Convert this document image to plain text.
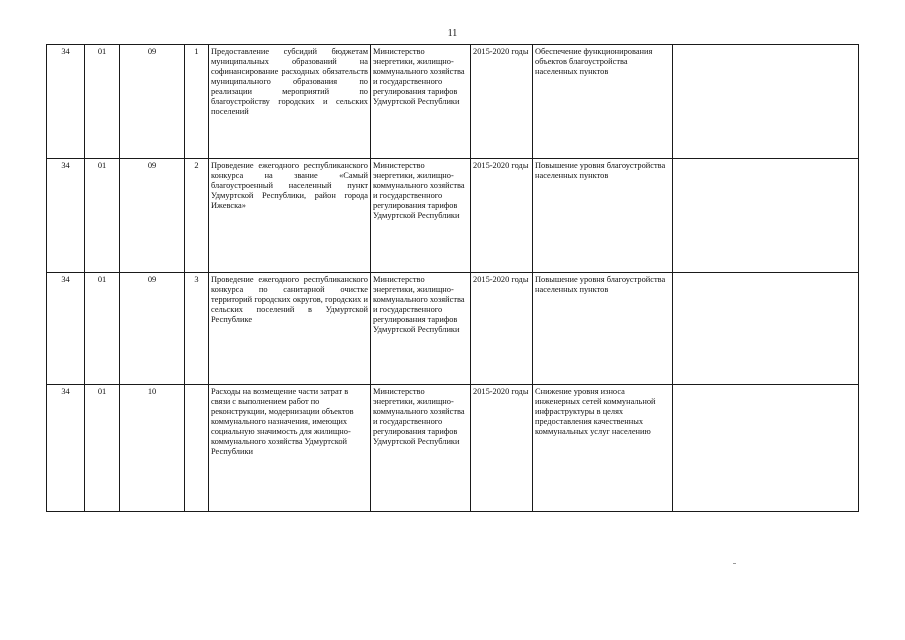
11
34	01	09	1	Предоставление субсидий бюджетам муниципальных образований на софинансирование расходных обязательств муниципального образования по реализации мероприятий по благоустройству городских и сельских поселений	Министерство энергетики, жилищно-коммунального хозяйства и государственного регулирования тарифов Удмуртской Республики	2015-2020 годы	Обеспечение функционирования объектов благоустройства населенных пунктов	
34	01	09	2	Проведение ежегодного республиканского конкурса на звание «Самый благоустроенный населенный пункт Удмуртской Республики, район города Ижевска»	Министерство энергетики, жилищно-коммунального хозяйства и государственного регулирования тарифов Удмуртской Республики	2015-2020 годы	Повышение уровня благоустройства населенных пунктов	
34	01	09	3	Проведение ежегодного республиканского конкурса по санитарной очистке территорий городских округов, городских и сельских поселений в Удмуртской Республике	Министерство энергетики, жилищно-коммунального хозяйства и государственного регулирования тарифов Удмуртской Республики	2015-2020 годы	Повышение уровня благоустройства населенных пунктов	
34	01	10		Расходы на возмещение части затрат в связи с выполнением работ по реконструкции, модернизации объектов коммунального назначения, имеющих социальную значимость для жилищно-коммунального хозяйства Удмуртской Республики	Министерство энергетики, жилищно-коммунального хозяйства и государственного регулирования тарифов Удмуртской Республики	2015-2020 годы	Снижение уровня износа инженерных сетей коммунальной инфраструктуры в целях предоставления качественных коммунальных услуг населению	
